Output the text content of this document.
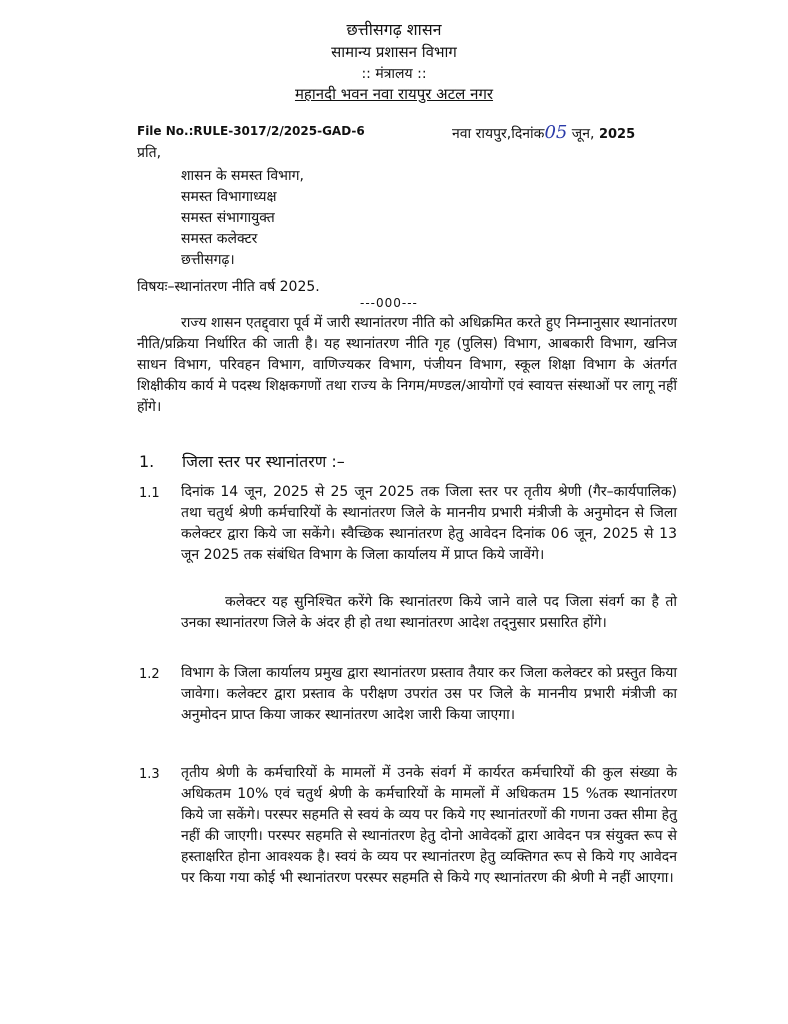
छत्तीसगढ़ शासन
सामान्य प्रशासन विभाग
:: मंत्रालय ::
महानदी भवन नवा रायपुर अटल नगर
File No.:RULE-3017/2/2025-GAD-6	नवा रायपुर,दिनांक05 जून, 2025
प्रति,
शासन के समस्त विभाग,
समस्त विभागाध्यक्ष
समस्त संभागायुक्त
समस्त कलेक्टर
छत्तीसगढ़।
विषयः–स्थानांतरण नीति वर्ष 2025.
---000---
राज्य शासन एतद्द्वारा पूर्व में जारी स्थानांतरण नीति को अधिक्रमित करते हुए निम्नानुसार स्थानांतरण नीति/प्रक्रिया निर्धारित की जाती है। यह स्थानांतरण नीति गृह (पुलिस) विभाग, आबकारी विभाग, खनिज साधन विभाग, परिवहन विभाग, वाणिज्यकर विभाग, पंजीयन विभाग, स्कूल शिक्षा विभाग के अंतर्गत शिक्षीकीय कार्य मे पदस्थ शिक्षकगणों तथा राज्य के निगम/मण्डल/आयोगों एवं स्वायत्त संस्थाओं पर लागू नहीं होंगे।
1. जिला स्तर पर स्थानांतरण :–
1.1 दिनांक 14 जून, 2025 से 25 जून 2025 तक जिला स्तर पर तृतीय श्रेणी (गैर–कार्यपालिक) तथा चतुर्थ श्रेणी कर्मचारियों के स्थानांतरण जिले के माननीय प्रभारी मंत्रीजी के अनुमोदन से जिला कलेक्टर द्वारा किये जा सकेंगे। स्वैच्छिक स्थानांतरण हेतु आवेदन दिनांक 06 जून, 2025 से 13 जून 2025 तक संबंधित विभाग के जिला कार्यालय में प्राप्त किये जावेंगे।
कलेक्टर यह सुनिश्चित करेंगे कि स्थानांतरण किये जाने वाले पद जिला संवर्ग का है तो उनका स्थानांतरण जिले के अंदर ही हो तथा स्थानांतरण आदेश तद्नुसार प्रसारित होंगे।
1.2 विभाग के जिला कार्यालय प्रमुख द्वारा स्थानांतरण प्रस्ताव तैयार कर जिला कलेक्टर को प्रस्तुत किया जावेगा। कलेक्टर द्वारा प्रस्ताव के परीक्षण उपरांत उस पर जिले के माननीय प्रभारी मंत्रीजी का अनुमोदन प्राप्त किया जाकर स्थानांतरण आदेश जारी किया जाएगा।
1.3 तृतीय श्रेणी के कर्मचारियों के मामलों में उनके संवर्ग में कार्यरत कर्मचारियों की कुल संख्या के अधिकतम 10% एवं चतुर्थ श्रेणी के कर्मचारियों के मामलों में अधिकतम 15 %तक स्थानांतरण किये जा सकेंगे। परस्पर सहमति से स्वयं के व्यय पर किये गए स्थानांतरणों की गणना उक्त सीमा हेतु नहीं की जाएगी। परस्पर सहमति से स्थानांतरण हेतु दोनो आवेदकों द्वारा आवेदन पत्र संयुक्त रूप से हस्ताक्षरित होना आवश्यक है। स्वयं के व्यय पर स्थानांतरण हेतु व्यक्तिगत रूप से किये गए आवेदन पर किया गया कोई भी स्थानांतरण परस्पर सहमति से किये गए स्थानांतरण की श्रेणी मे नहीं आएगा।
